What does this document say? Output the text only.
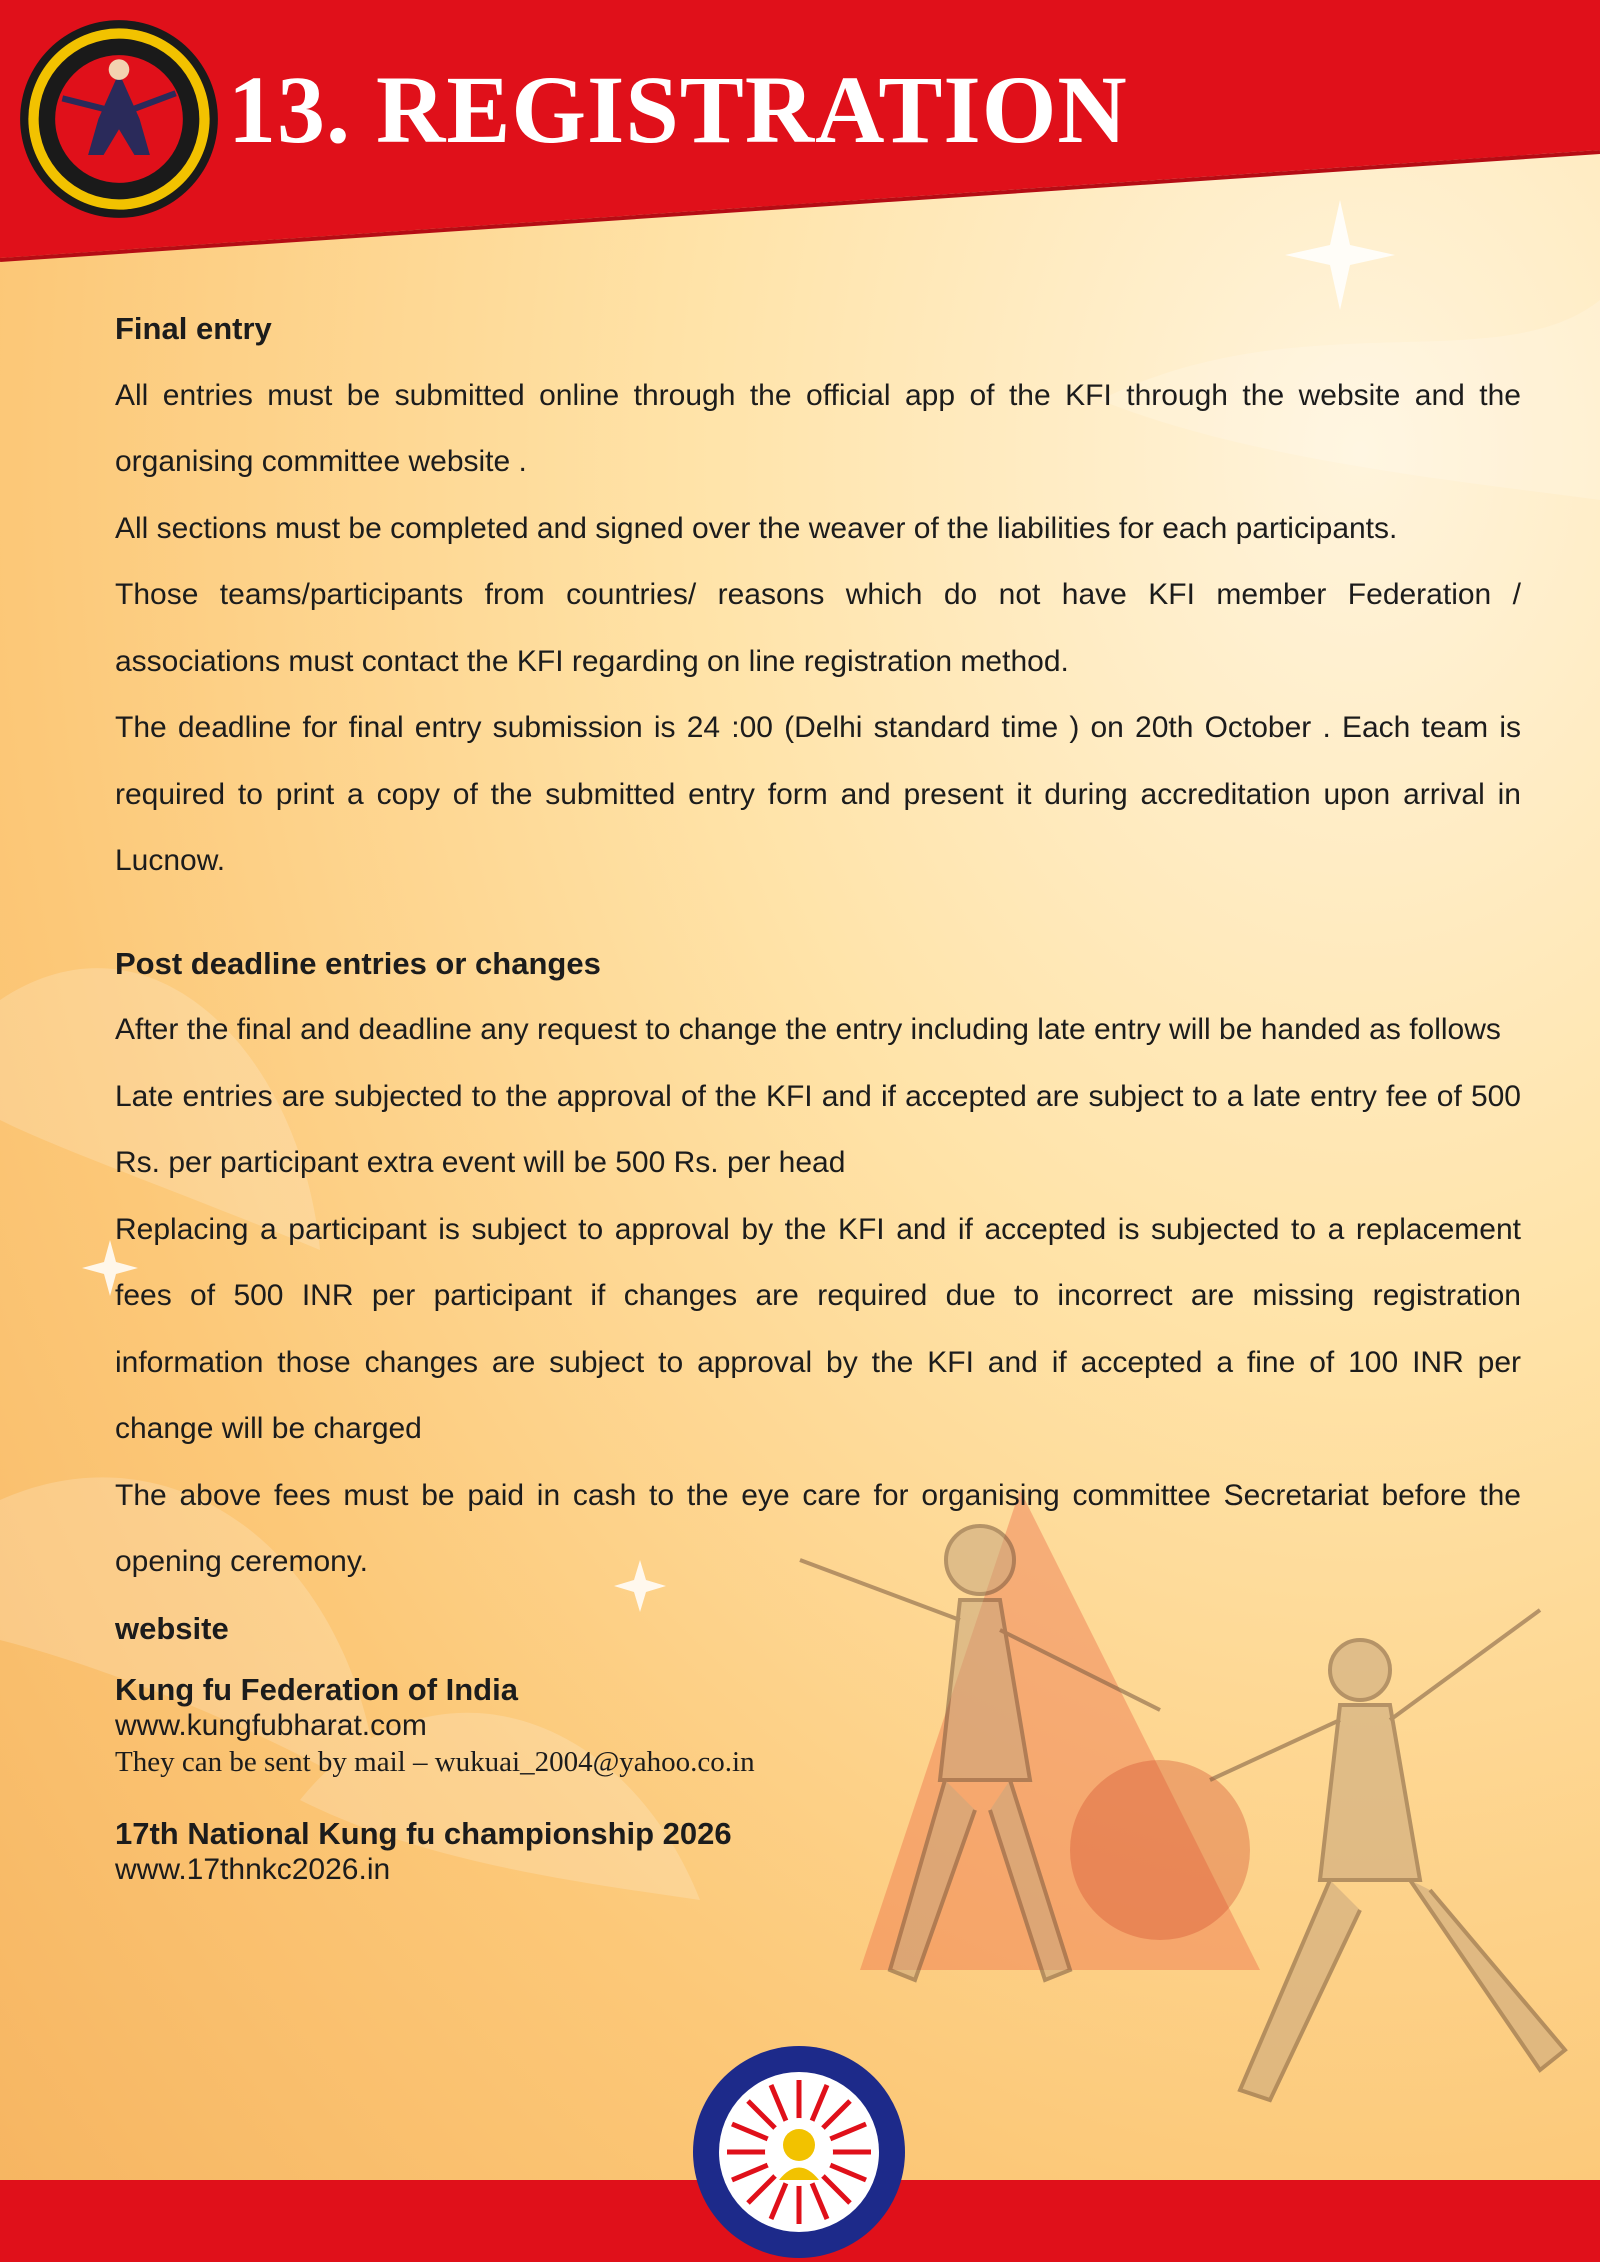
13. REGISTRATION
Final entry

All entries must be submitted online through the official app of the KFI through the website and the organising committee website .

All sections must be completed and signed over the weaver of the liabilities for each participants.

Those teams/participants from countries/ reasons which do not have KFI member Federation / associations must contact the KFI regarding on line registration method.

The deadline for final entry submission is 24 :00 (Delhi standard time ) on 20th October . Each team is required to print a copy of the submitted entry form and present it during accreditation upon arrival in Lucnow.

Post deadline entries or changes

After the final and deadline any request to change the entry including late entry will be handed as follows

Late entries are subjected to the approval of the KFI and if accepted are subject to a late entry fee of 500 Rs. per participant extra event will be 500 Rs. per head

Replacing a participant is subject to approval by the KFI and if accepted is subjected to a replacement fees of 500 INR per participant if changes are required due to incorrect are missing registration information those changes are subject to approval by the KFI and if accepted a fine of 100 INR per change will be charged

The above fees must be paid in cash to the eye care for organising committee Secretariat before the opening ceremony.

website
Kung fu Federation of India
www.kungfubharat.com
They can be sent by mail – wukuai_2004@yahoo.co.in
17th National Kung fu championship 2026
www.17thnkc2026.in
